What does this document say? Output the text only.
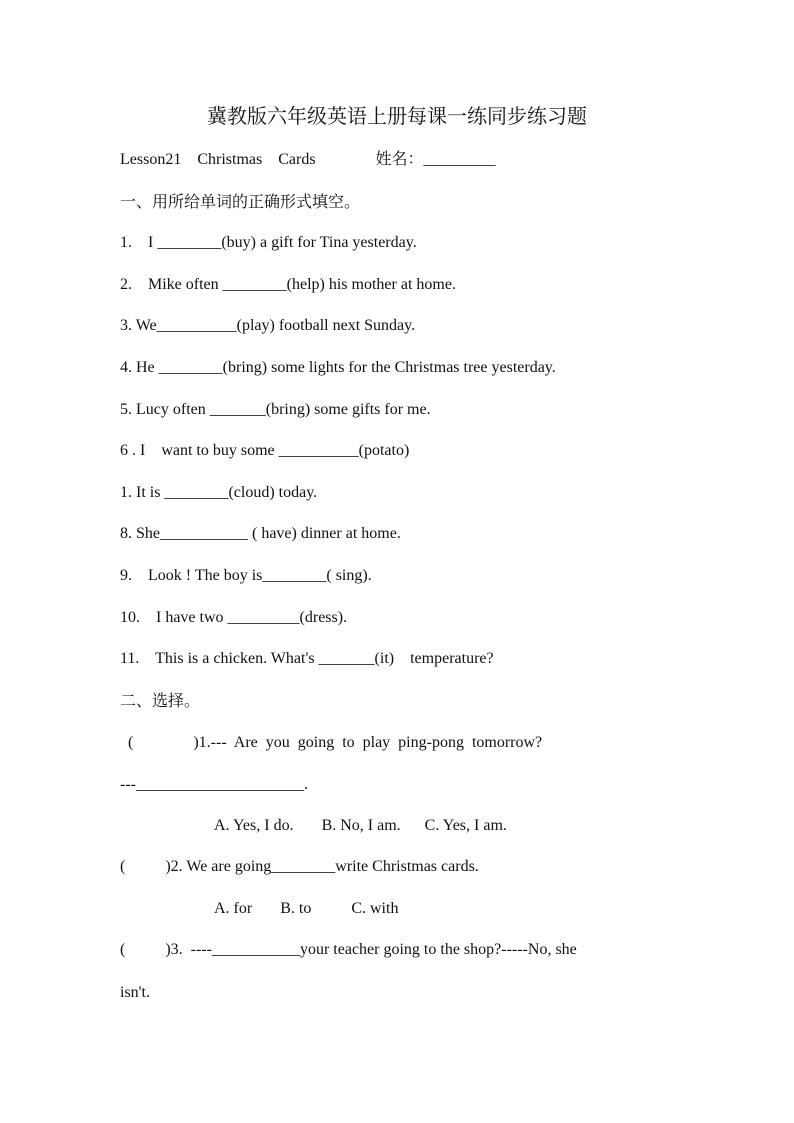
冀教版六年级英语上册每课一练同步练习题
Lesson21    Christmas    Cards               姓名：_________
一、用所给单词的正确形式填空。
1.    I ________(buy) a gift for Tina yesterday.
2.    Mike often ________(help) his mother at home.
3. We__________(play) football next Sunday.
4. He ________(bring) some lights for the Christmas tree yesterday.
5. Lucy often _______(bring) some gifts for me.
6 . I    want to buy some __________(potato)
1. It is ________(cloud) today.
8. She___________ ( have) dinner at home.
9.    Look ! The boy is________( sing).
10.    I have two _________(dress).
11.    This is a chicken. What's _______(it)    temperature?
二、选择。
(               )1.---  Are  you  going  to  play  ping-pong  tomorrow?
---_____________________.
A. Yes, I do.       B. No, I am.      C. Yes, I am.
(          )2. We are going________write Christmas cards.
A. for       B. to          C. with
(          )3.  ----___________your teacher going to the shop?-----No, she
isn't.
